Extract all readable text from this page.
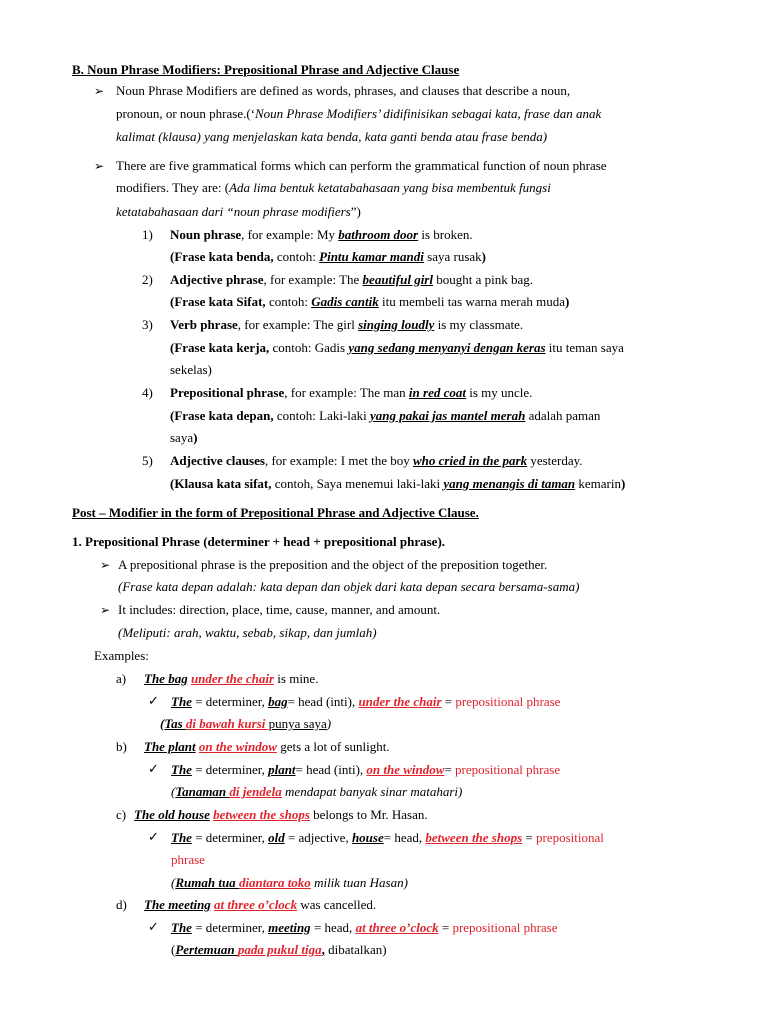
B. Noun Phrase Modifiers: Prepositional Phrase and Adjective Clause
➢ Noun Phrase Modifiers are defined as words, phrases, and clauses that describe a noun,
pronoun, or noun phrase.(‘Noun Phrase Modifiers’ didifinisikan sebagai kata, frase dan anak
kalimat (klausa) yang menjelaskan kata benda, kata ganti benda atau frase benda)
➢ There are five grammatical forms which can perform the grammatical function of noun phrase
modifiers. They are: (Ada lima bentuk ketatabahasaan yang bisa membentuk fungsi
ketatabahasaan dari “noun phrase modifiers”)
1) Noun phrase, for example: My bathroom door is broken.
(Frase kata benda, contoh: Pintu kamar mandi saya rusak)
2) Adjective phrase, for example: The beautiful girl bought a pink bag.
(Frase kata Sifat, contoh: Gadis cantik itu membeli tas warna merah muda)
3) Verb phrase, for example: The girl singing loudly is my classmate.
(Frase kata kerja, contoh: Gadis yang sedang menyanyi dengan keras itu teman saya
sekelas)
4) Prepositional phrase, for example: The man in red coat is my uncle.
(Frase kata depan, contoh: Laki-laki yang pakai jas mantel merah adalah paman
saya)
5) Adjective clauses, for example: I met the boy who cried in the park yesterday.
(Klausa kata sifat, contoh, Saya menemui laki-laki yang menangis di taman kemarin)
Post – Modifier in the form of Prepositional Phrase and Adjective Clause.
1. Prepositional Phrase (determiner + head + prepositional phrase).
➢ A prepositional phrase is the preposition and the object of the preposition together.
(Frase kata depan adalah: kata depan dan objek dari kata depan secara bersama-sama)
➢ It includes: direction, place, time, cause, manner, and amount.
(Meliputi: arah, waktu, sebab, sikap, dan jumlah)
Examples:
a) The bag under the chair is mine.
✓ The = determiner, bag= head (inti), under the chair = prepositional phrase
(Tas di bawah kursi punya saya)
b) The plant on the window gets a lot of sunlight.
✓ The = determiner, plant= head (inti), on the window= prepositional phrase
(Tanaman di jendela mendapat banyak sinar matahari)
c) The old house between the shops belongs to Mr. Hasan.
✓ The = determiner, old = adjective, house= head, between the shops = prepositional
phrase
(Rumah tua diantara toko milik tuan Hasan)
d) The meeting at three o’clock was cancelled.
✓ The = determiner, meeting = head, at three o’clock = prepositional phrase
(Pertemuan pada pukul tiga, dibatalkan)
